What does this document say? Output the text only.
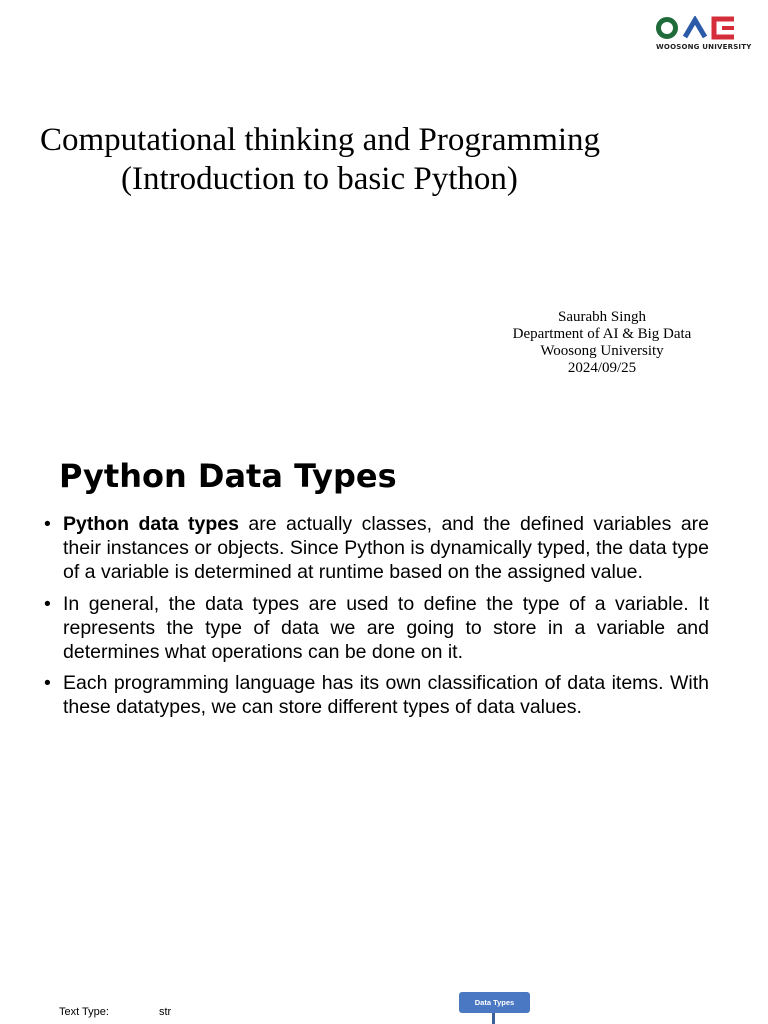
WOOSONG UNIVERSITY
Computational thinking and Programming
(Introduction to basic Python)
Saurabh Singh
Department of AI & Big Data
Woosong University
2024/09/25
Python Data Types
• Python data types are actually classes, and the defined variables are their instances or objects. Since Python is dynamically typed, the data type of a variable is determined at runtime based on the assigned value.
• In general, the data types are used to define the type of a variable. It represents the type of data we are going to store in a variable and determines what operations can be done on it.
• Each programming language has its own classification of data items. With these datatypes, we can store different types of data values.
Text Type:	str
Data Types
